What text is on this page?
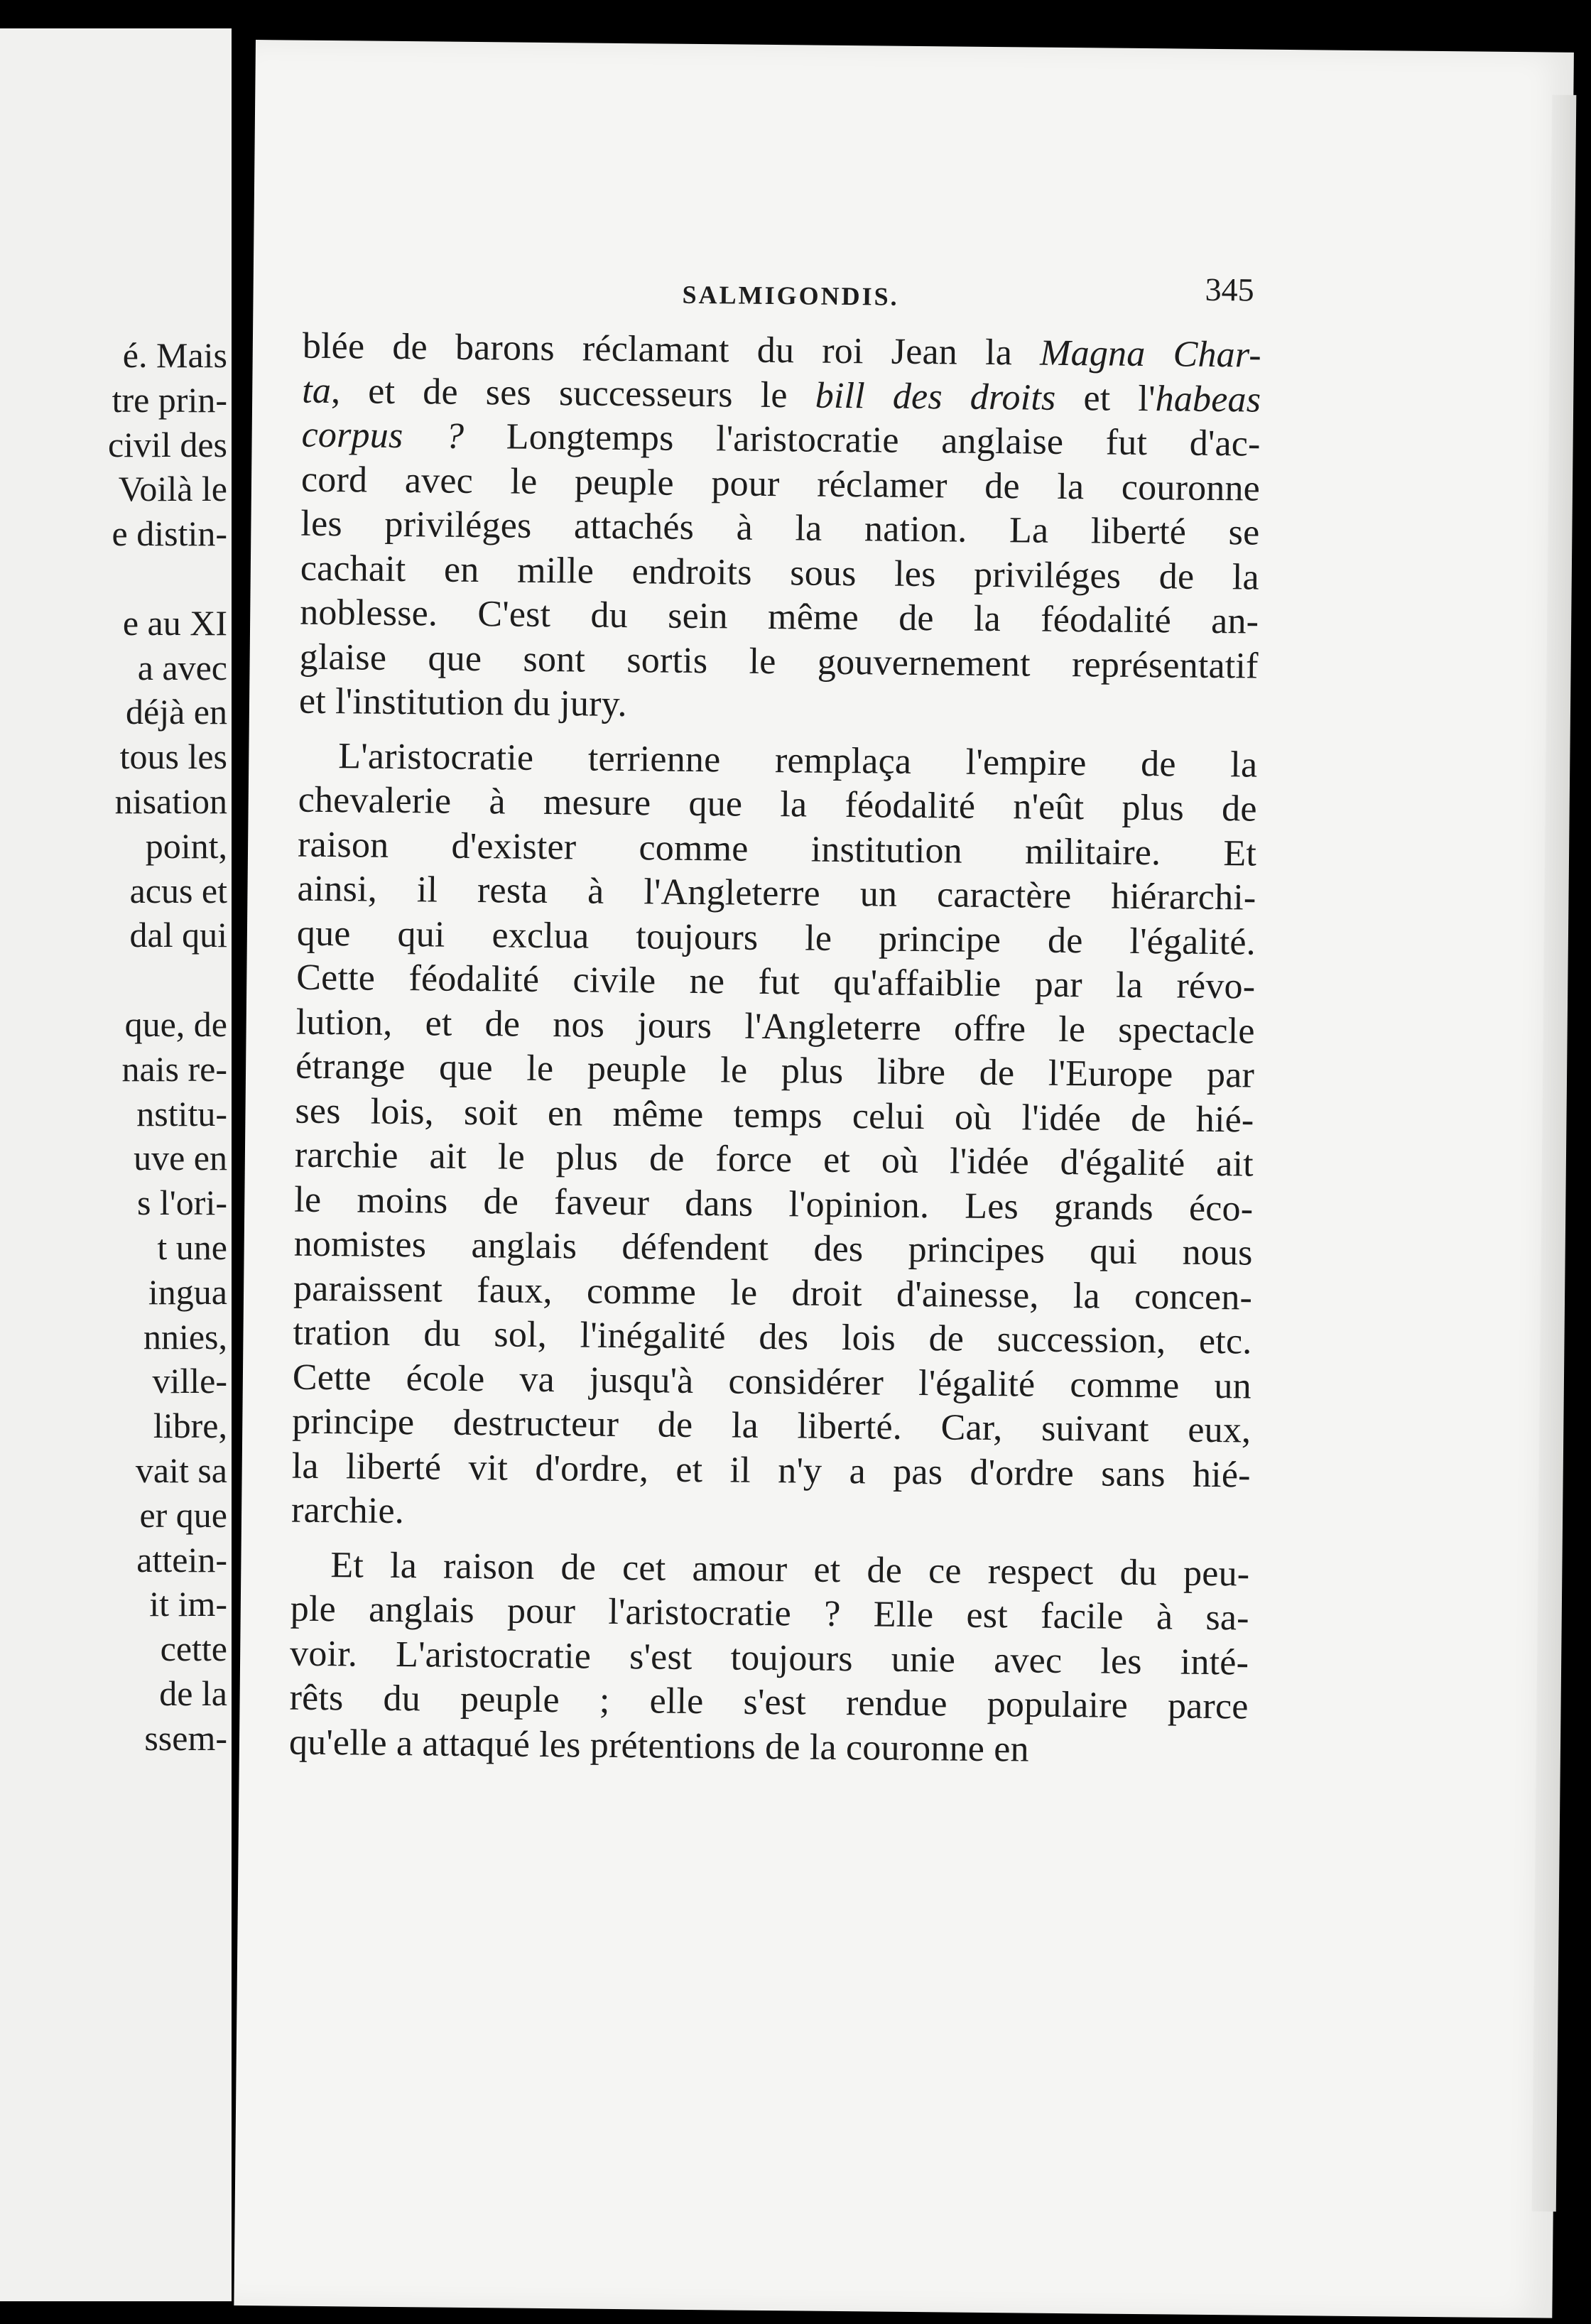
é. Mais
tre prin-
civil des
Voilà le
e distin-
e au XI
a avec
déjà en
tous les
nisation
point,
acus et
dal qui
que, de
nais re-
nstitu-
uve en
s l'ori-
t une
ingua
nnies,
ville-
libre,
vait sa
er que
attein-
it im-
cette
de la
ssem-
SALMIGONDIS.	345
blée de barons réclamant du roi Jean la Magna Char-
ta, et de ses successeurs le bill des droits et l'habeas
corpus ? Longtemps l'aristocratie anglaise fut d'ac-
cord avec le peuple pour réclamer de la couronne
les priviléges attachés à la nation. La liberté se
cachait en mille endroits sous les priviléges de la
noblesse. C'est du sein même de la féodalité an-
glaise que sont sortis le gouvernement représentatif
et l'institution du jury.
L'aristocratie terrienne remplaça l'empire de la
chevalerie à mesure que la féodalité n'eût plus de
raison d'exister comme institution militaire. Et
ainsi, il resta à l'Angleterre un caractère hiérarchi-
que qui exclua toujours le principe de l'égalité.
Cette féodalité civile ne fut qu'affaiblie par la révo-
lution, et de nos jours l'Angleterre offre le spectacle
étrange que le peuple le plus libre de l'Europe par
ses lois, soit en même temps celui où l'idée de hié-
rarchie ait le plus de force et où l'idée d'égalité ait
le moins de faveur dans l'opinion. Les grands éco-
nomistes anglais défendent des principes qui nous
paraissent faux, comme le droit d'ainesse, la concen-
tration du sol, l'inégalité des lois de succession, etc.
Cette école va jusqu'à considérer l'égalité comme un
principe destructeur de la liberté. Car, suivant eux,
la liberté vit d'ordre, et il n'y a pas d'ordre sans hié-
rarchie.
Et la raison de cet amour et de ce respect du peu-
ple anglais pour l'aristocratie ? Elle est facile à sa-
voir. L'aristocratie s'est toujours unie avec les inté-
rêts du peuple ; elle s'est rendue populaire parce
qu'elle a attaqué les prétentions de la couronne en
